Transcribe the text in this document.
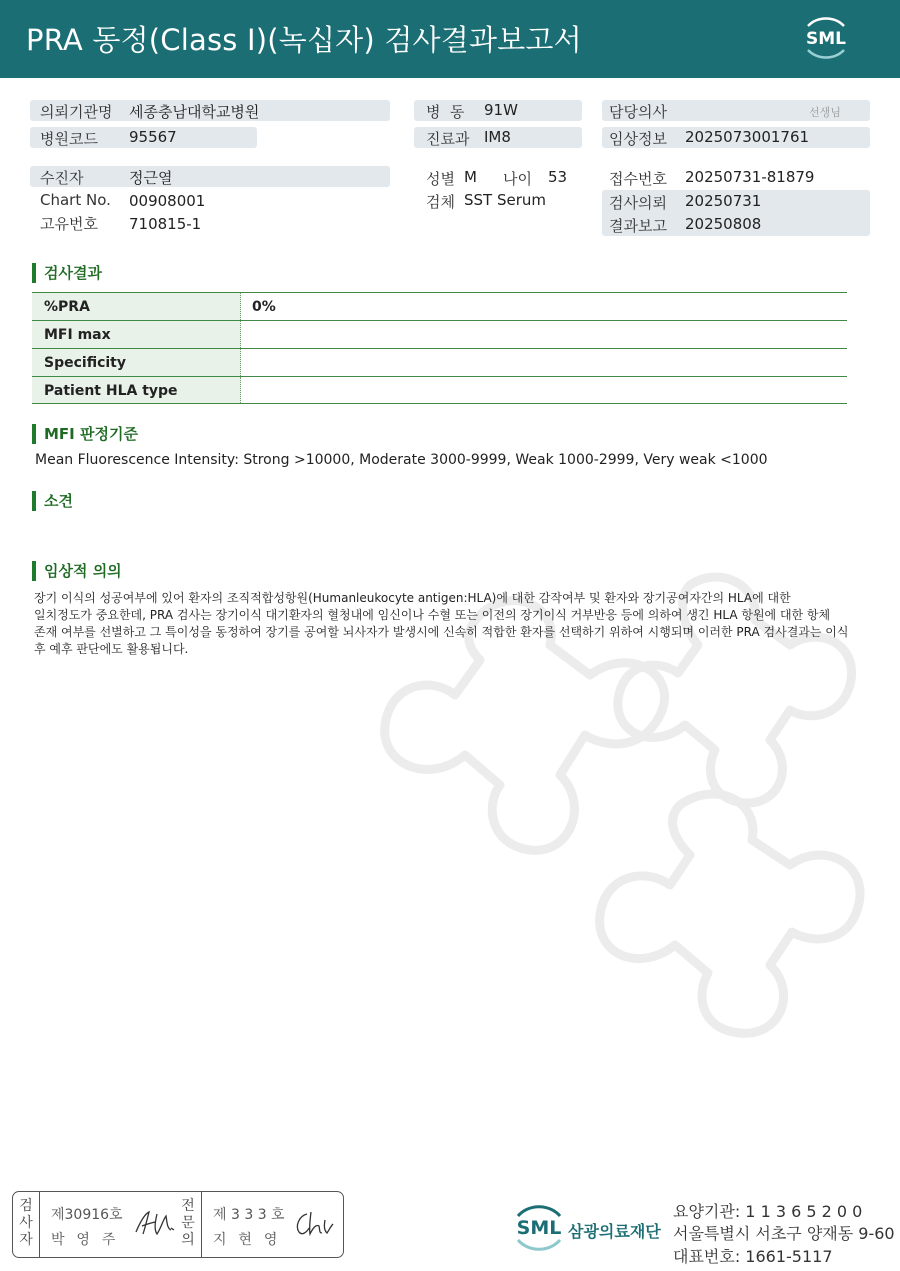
PRA 동정(Class I)(녹십자) 검사결과보고서	SML
의뢰기관명 세종충남대학교병원
병원코드 95567
병  동 91W
진료과 IM8
담당의사	선생님
임상정보 2025073001761
수진자	정근열
Chart No. 00908001
고유번호 710815-1
성별 M 나이 53
검체 SST Serum
접수번호 20250731-81879
검사의뢰 20250731
결과보고 20250808
검사결과
%PRA	0%
MFI max
Specificity
Patient HLA type
MFI 판정기준
Mean Fluorescence Intensity: Strong >10000, Moderate 3000-9999, Weak 1000-2999, Very weak <1000
소견
임상적 의의
장기 이식의 성공여부에 있어 환자의 조직적합성항원(Humanleukocyte antigen:HLA)에 대한 감작여부 및 환자와 장기공여자간의 HLA에 대한
일치정도가 중요한데, PRA 검사는 장기이식 대기환자의 혈청내에 임신이나 수혈 또는 이전의 장기이식 거부반응 등에 의하여 생긴 HLA 항원에 대한 항체
존재 여부를 선별하고 그 특이성을 동정하여 장기를 공여할 뇌사자가 발생시에 신속히 적합한 환자를 선택하기 위하여 시행되며 이러한 PRA 검사결과는 이식
후 예후 판단에도 활용됩니다.
검
사
자
제30916호
박  영  주
전
문
의
제 3 3 3 호
지  현  영
SML 삼광의료재단
요양기관: 1 1 3 6 5 2 0 0
서울특별시 서초구 양재동 9-60
대표번호: 1661-5117
